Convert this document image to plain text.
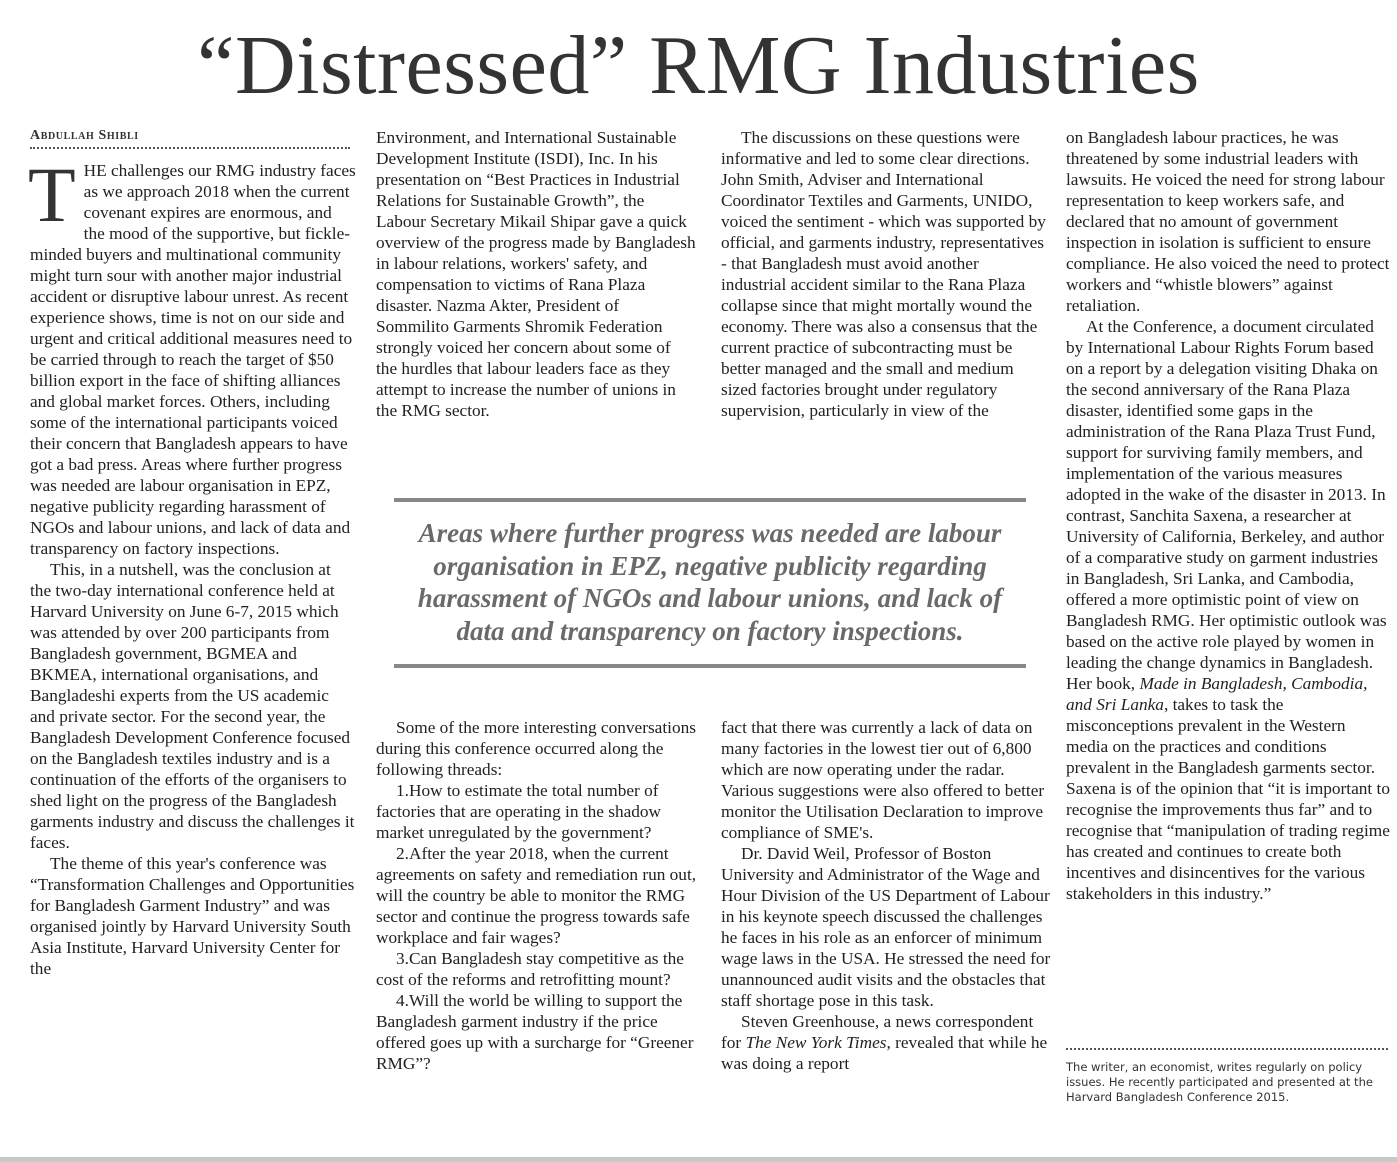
“Distressed” RMG Industries
Abdullah Shibli

THE challenges our RMG industry faces as we approach 2018 when the current covenant expires are enormous, and the mood of the supportive, but fickle-minded buyers and multinational community might turn sour with another major industrial accident or disruptive labour unrest. As recent experience shows, time is not on our side and urgent and critical additional measures need to be carried through to reach the target of $50 billion export in the face of shifting alliances and global market forces. Others, including some of the international participants voiced their concern that Bangladesh appears to have got a bad press. Areas where further progress was needed are labour organisation in EPZ, negative publicity regarding harassment of NGOs and labour unions, and lack of data and transparency on factory inspections.

This, in a nutshell, was the conclusion at the two-day international conference held at Harvard University on June 6-7, 2015 which was attended by over 200 participants from Bangladesh government, BGMEA and BKMEA, international organisations, and Bangladeshi experts from the US academic and private sector. For the second year, the Bangladesh Development Conference focused on the Bangladesh textiles industry and is a continuation of the efforts of the organisers to shed light on the progress of the Bangladesh garments industry and discuss the challenges it faces.

The theme of this year's conference was “Transformation Challenges and Opportunities for Bangladesh Garment Industry” and was organised jointly by Harvard University South Asia Institute, Harvard University Center for the

Environment, and International Sustainable Development Institute (ISDI), Inc. In his presentation on “Best Practices in Industrial Relations for Sustainable Growth”, the Labour Secretary Mikail Shipar gave a quick overview of the progress made by Bangladesh in labour relations, workers' safety, and compensation to victims of Rana Plaza disaster. Nazma Akter, President of Sommilito Garments Shromik Federation strongly voiced her concern about some of the hurdles that labour leaders face as they attempt to increase the number of unions in the RMG sector.

The discussions on these questions were informative and led to some clear directions. John Smith, Adviser and International Coordinator Textiles and Garments, UNIDO, voiced the sentiment - which was supported by official, and garments industry, representatives - that Bangladesh must avoid another industrial accident similar to the Rana Plaza collapse since that might mortally wound the economy. There was also a consensus that the current practice of subcontracting must be better managed and the small and medium sized factories brought under regulatory supervision, particularly in view of the

Areas where further progress was needed are labour organisation in EPZ, negative publicity regarding harassment of NGOs and labour unions, and lack of data and transparency on factory inspections.

Some of the more interesting conversations during this conference occurred along the following threads:

1.How to estimate the total number of factories that are operating in the shadow market unregulated by the government?

2.After the year 2018, when the current agreements on safety and remediation run out, will the country be able to monitor the RMG sector and continue the progress towards safe workplace and fair wages?

3.Can Bangladesh stay competitive as the cost of the reforms and retrofitting mount?

4.Will the world be willing to support the Bangladesh garment industry if the price offered goes up with a surcharge for “Greener RMG”?

fact that there was currently a lack of data on many factories in the lowest tier out of 6,800 which are now operating under the radar. Various suggestions were also offered to better monitor the Utilisation Declaration to improve compliance of SME's.

Dr. David Weil, Professor of Boston University and Administrator of the Wage and Hour Division of the US Department of Labour in his keynote speech discussed the challenges he faces in his role as an enforcer of minimum wage laws in the USA. He stressed the need for unannounced audit visits and the obstacles that staff shortage pose in this task.

Steven Greenhouse, a news correspondent for The New York Times, revealed that while he was doing a report

on Bangladesh labour practices, he was threatened by some industrial leaders with lawsuits. He voiced the need for strong labour representation to keep workers safe, and declared that no amount of government inspection in isolation is sufficient to ensure compliance. He also voiced the need to protect workers and “whistle blowers” against retaliation.

At the Conference, a document circulated by International Labour Rights Forum based on a report by a delegation visiting Dhaka on the second anniversary of the Rana Plaza disaster, identified some gaps in the administration of the Rana Plaza Trust Fund, support for surviving family members, and implementation of the various measures adopted in the wake of the disaster in 2013. In contrast, Sanchita Saxena, a researcher at University of California, Berkeley, and author of a comparative study on garment industries in Bangladesh, Sri Lanka, and Cambodia, offered a more optimistic point of view on Bangladesh RMG. Her optimistic outlook was based on the active role played by women in leading the change dynamics in Bangladesh. Her book, Made in Bangladesh, Cambodia, and Sri Lanka, takes to task the misconceptions prevalent in the Western media on the practices and conditions prevalent in the Bangladesh garments sector. Saxena is of the opinion that “it is important to recognise the improvements thus far” and to recognise that “manipulation of trading regime has created and continues to create both incentives and disincentives for the various stakeholders in this industry.”

The writer, an economist, writes regularly on policy issues. He recently participated and presented at the Harvard Bangladesh Conference 2015.
